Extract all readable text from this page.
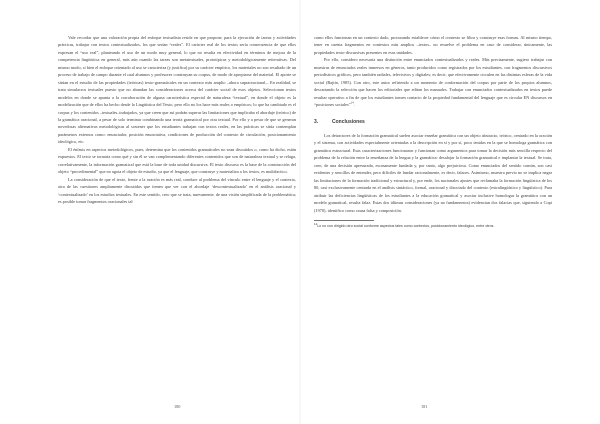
Vale recordar que una valoración propia del enfoque textualista reside en que propone, para la ejecución de tareas y actividades prácticas, trabajar con textos contextualizados, los que serían “reales”. El carácter real de los textos sería consecuencia de que ellos expresan el “uso real”, planteando el uso de un modo muy general, lo que no resulta en efectividad en términos de mejora de la competencia lingüística en general, más aún cuando las tareas son metatextuales, prototípicas y metodológicamente reiterativas. Del mismo modo, si bien el enfoque orientado al uso se caracteriza (y justifica) por su carácter empírico, los materiales no son resultado de un proceso de trabajo de campo durante el cual alumnos y profesores construyan su corpus, de modo de apropiarse del material. El aporte se sitúan en el estudio de las propiedades (teóricas) texto-gramaticales en un contexto más amplio –ahora supraoracional–. En realidad, se trata simulacros textuales puesto que no abundan las consideraciones acerca del carácter social de esos objetos. Seleccionan textos modelos en donde se apunta a la corroboración de alguna característica especial de naturaleza “textual”, en donde el objeto es la modelización que de ellos ha hecho desde la Lingüística del Texto, pero ello no los hace más reales o empíricos; lo que ha cambiado es el corpus y los contenidos –textuales–trabajados, ya que creen que así podrán superar las limitaciones que implicaba el abordaje (teórico) de la gramática oracional, a pesar de solo terminar combinando una teoría gramatical por otra textual. Por ello y a pesar de que se generan novedosas alternativas metodológicas al sostener que los estudiantes trabajan con textos reales, en las prácticas se sitúa contemplan parámetros externos como: enunciador, posición enunciativa, condiciones de producción del contexto de circulación, posicionamiento ideológico, etc.

El énfasis en aspectos metodológicos, pues, determina que los contenidos gramaticales no sean discutidos o, como ha dicho, están expuestos. El texto se tornaría como qué y sin él se van complementando diferentes contenidos que son de naturaleza textual y se relaga, correlativamente, la información gramatical que está la base de toda unidad discursiva. El texto discurso es la base de la construcción del objeto “procedimental” que no agota el objeto de estudio, ya que el lenguaje, que construye y materializa a los textos, es multifactico.

La consideración de que el texto, frente a la oración es más real, conduce al problema del vínculo entre el lenguaje y el contexto, otra de las cuestiones ampliamente discutidas que tienen que ver con el abordaje ‘descontextualizado’ en el análisis oracional y ‘contextualizado’ en los estudios textuales. En este sentido, creo que se trata, nuevamente, de una visión simplificada de la problemática; es posible tomar fragmentos oracionales tal

180

como ellos funcionan en un contexto dado, procurando establecer cómo el contexto se filtra y construye esas formas. Al mismo tiempo, tener en cuenta fragmentos en contextos más amplios –textos– no resuelve el problema en caso de considerar, únicamente, las propiedades texto-discursivas presentes en esas unidades.

Por ello, considero necesaria una distinción entre enunciados contextualizados y reales. Más precisamente, sugiero trabajar con muestras de enunciados reales inmersos en géneros, tanto producidos como registrados por los estudiantes, con fragmentos discursivos periodísticos gráficos, pero también radiales, televisivos y digitales; es decir, que efectivamente circulen en las distintas esferas de la vida social (Bajtín, 1985). Con otro, este autor refiriendo a un momento de conformación del corpus por parte de los propios alumnos, descartando la selección que hacen los editoriales que editan los manuales. Trabajar con enunciados contextualizados en textos puede resultar operativo a fin de que los estudiantes tomen contacto de la propiedad fundamental del lenguaje que es circular EN discursos en “posiciones sociales”$^{14}$.

3.	Conclusiones

Los detractores de la formación gramatical suelen asociar enseñar gramática con un objeto abstracto, teórico, centrado en la oración y el sistema, con actividades especialmente orientadas a la descripción en sí y por sí, poco tenidas en la que se homologa gramática con gramática estructural. Esas caracterizaciones funcionaron y funcionan como argumentos para tomar la decisión más sencilla respecto del problema de la relación entre la enseñanza de la lengua y la gramática: desalojar la formación gramatical e implantar la textual. Se trata, creo, de una decisión apresurada, escasamente fundada y, por tanto, algo prejuiciosa. Como enunciados del sentido común, son casi evidentes y sencillos de entender, pero difíciles de fundar racionalmente, es decir, falaces. Asimismo, muestra previo no se implica negar las limitaciones de la formación tradicional y estructural y, por ende, los nacionales ajustes que reclamaba la formación lingüística de los 80, casi exclusivamente centrada en el análisis sintáctico, formal, oracional y disociado del contexto (extralingüístico y lingüístico). Para atribuir las deficiencias lingüísticas de los estudiantes a la educación gramatical y asociar inclusive homologar la gramática con un modelo gramatical, resulta falaz. Estas dos últimas consideraciones (ya no fundamentos) evidencian dos falacias que, siguiendo a Copi (1970), identifico como causa falsa y composición.

$^{14}$Lo no con dirigido otro social conforme aspectos tales como contextos, posicionamiento ideológico, entre otros.
181
